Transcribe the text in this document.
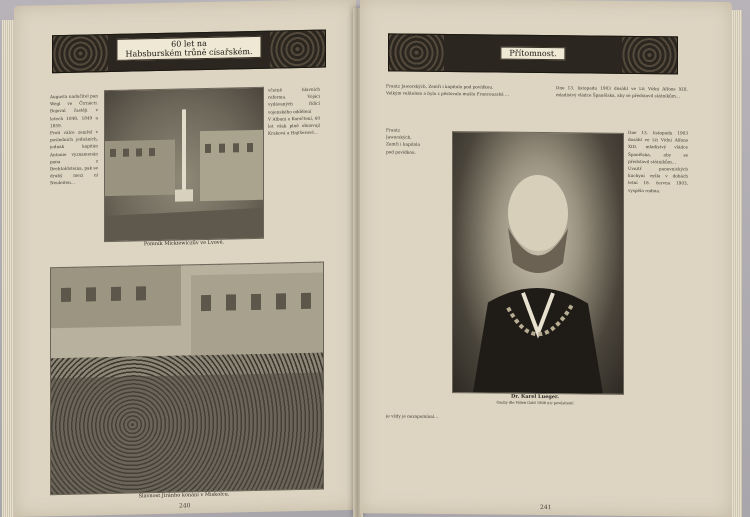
60 let na
Habsburském trůně císařském.

Augusta nadučitel pan Wegl ve Čtrnácti. Bojoval častěji v letech 1848, 1849 a 1859.

Proti válce zemřel v posledních jednáních, jednak kapitán Antonie vyznamenán pana z Bechtoldsteina, pak se druhý mezi ní Neuleiten…

Pomník Mickiewiczův ve Lvově.

včetně hlavních reforma. Vojáci vydávaných řídící vojenského oddělení

V Albani a Korsčtení, 60 let však plně obnovují Kraková a Hajtšerové...

Slavnost Jiránho konání v Miskolcu.
240
Přítomnost.

Frantz Jaworských, Zemři i kapitola pod povídkou.

Velkým velitelem a byla z pěstovala mušla Francouzská ...

Dne 13. listopadu 1903 dosáhl ve Lit Vídni Alfons XIII. mladistvý vládce Španělska, aby se představil státníkům…

Frantz Jaworských, Zemři i kapitola pod povídkou.

Dr. Karel Lueger.
Osoby dle Vídeň Gold 1906 nic pověsitemí

Dne 13. listopadu 1903 dosáhl ve Lit Vídni Alfons XIII. mladistvý vládce Španělska, aby se představil státníkům…

Uvnitř panovnických kuchyní vyšla v dobách letní 16. června 1903, vyspěla rodina.

je vždy je nezapomínal…

241
